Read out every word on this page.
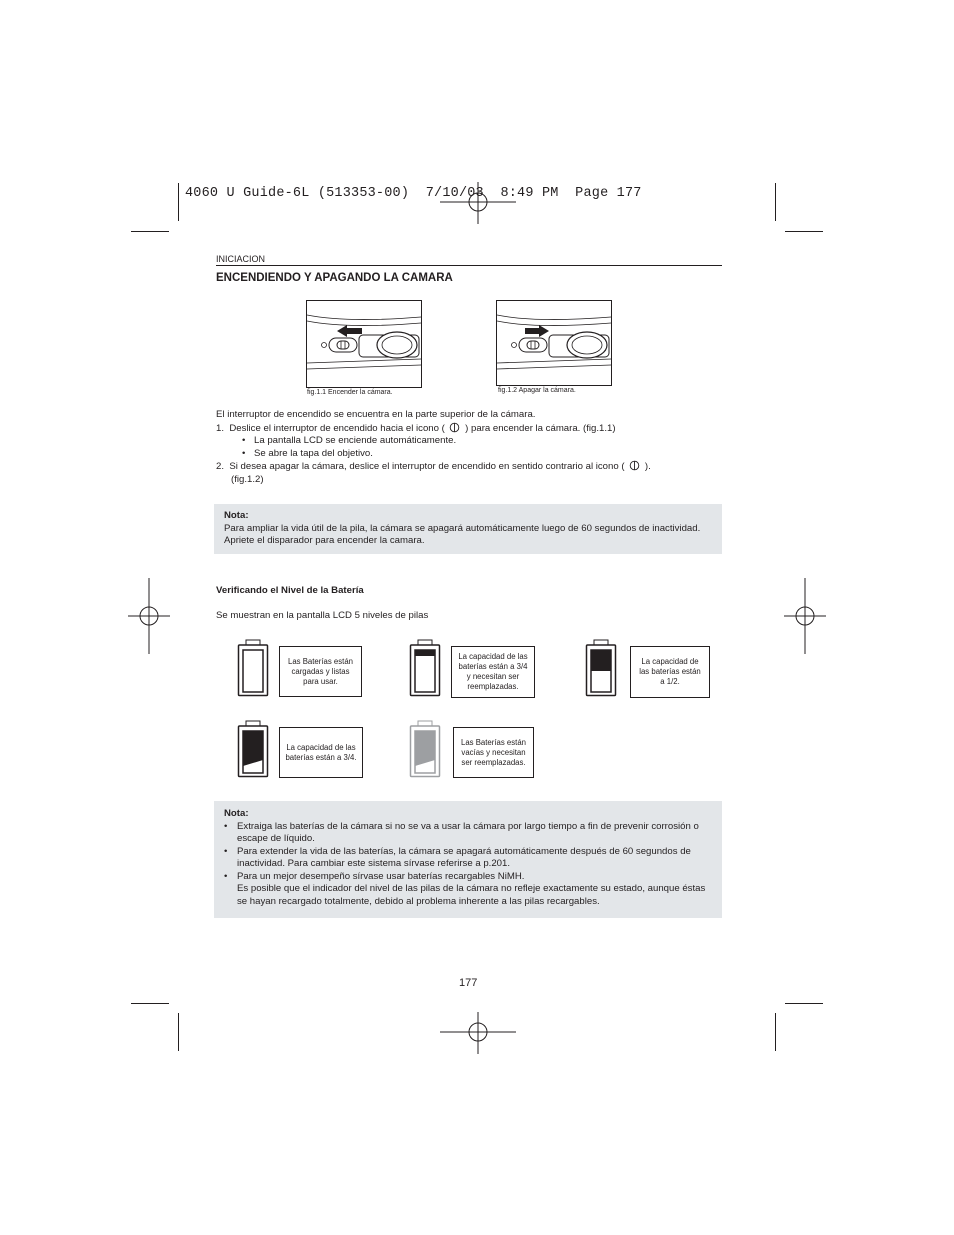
4060 U Guide-6L (513353-00)  7/10/03  8:49 PM  Page 177
INICIACION
ENCENDIENDO Y APAGANDO LA CAMARA
fig.1.1 Encender la cámara.	fig.1.2 Apagar la cámara.

El interruptor de encendido se encuentra en la parte superior de la cámara.

1. Deslice el interruptor de encendido hacia el icono ( ) para encender la cámara. (fig.1.1)

• La pantalla LCD se enciende automáticamente.

• Se abre la tapa del objetivo.

2. Si desea apagar la cámara, deslice el interruptor de encendido en sentido contrario al icono ( ).
(fig.1.2)

Nota:
Para ampliar la vida útil de la pila, la cámara se apagará automáticamente luego de 60 segundos de inactividad. Apriete el disparador para encender la camara.
Verificando el Nivel de la Batería
Se muestran en la pantalla LCD 5 niveles de pilas
Las Baterías están cargadas y listas para usar.
La capacidad de las baterías están a 3/4 y necesitan ser reemplazadas.
La capacidad de las baterías están a 1/2.
La capacidad de las baterías están a 3/4.
Las Baterías están vacías y necesitan ser reemplazadas.
Nota:
• Extraiga las baterías de la cámara si no se va a usar la cámara por largo tiempo a fin de prevenir corrosión o escape de líquido.
• Para extender la vida de las baterías, la cámara se apagará automáticamente después de 60 segundos de inactividad. Para cambiar este sistema sírvase referirse a p.201.
• Para un mejor desempeño sírvase usar baterías recargables NiMH.
Es posible que el indicador del nivel de las pilas de la cámara no refleje exactamente su estado, aunque éstas se hayan recargado totalmente, debido al problema inherente a las pilas recargables.
177
